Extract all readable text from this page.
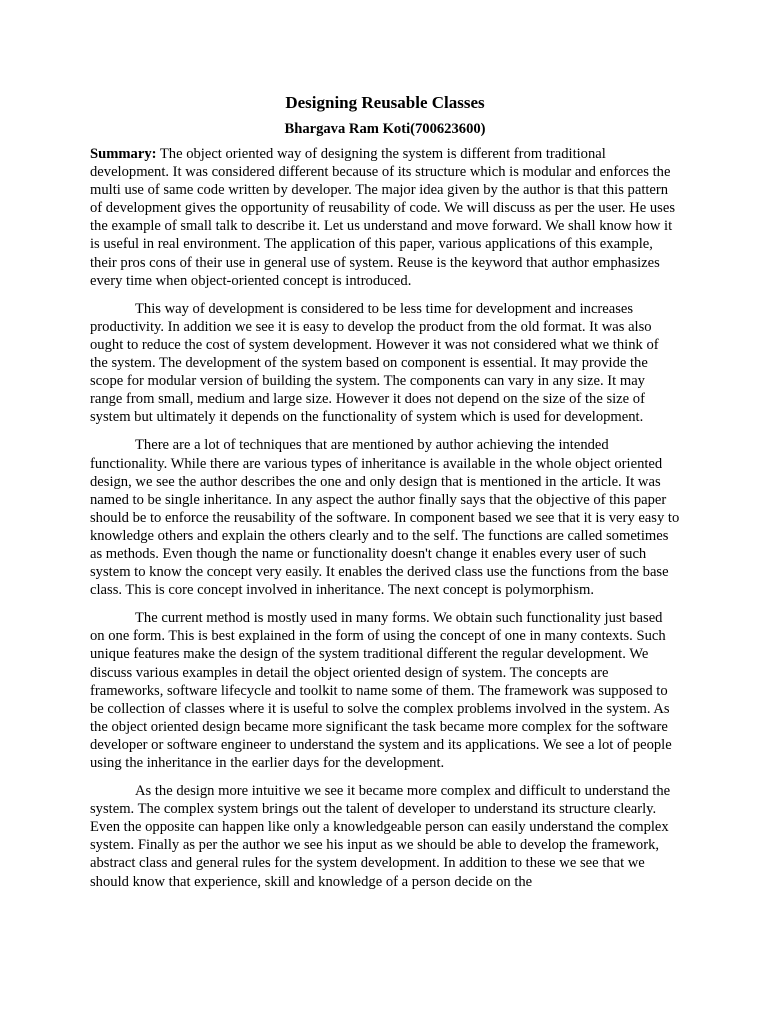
Designing Reusable Classes
Bhargava Ram Koti(700623600)

Summary: The object oriented way of designing the system is different from traditional development. It was considered different because of its structure which is modular and enforces the multi use of same code written by developer. The major idea given by the author is that this pattern of development gives the opportunity of reusability of code. We will discuss as per the user. He uses the example of small talk to describe it. Let us understand and move forward. We shall know how it is useful in real environment. The application of this paper, various applications of this example, their pros cons of their use in general use of system. Reuse is the keyword that author emphasizes every time when object-oriented concept is introduced.

This way of development is considered to be less time for development and increases productivity. In addition we see it is easy to develop the product from the old format. It was also ought to reduce the cost of system development. However it was not considered what we think of the system. The development of the system based on component is essential. It may provide the scope for modular version of building the system. The components can vary in any size. It may range from small, medium and large size. However it does not depend on the size of the size of system but ultimately it depends on the functionality of system which is used for development.

There are a lot of techniques that are mentioned by author achieving the intended functionality. While there are various types of inheritance is available in the whole object oriented design, we see the author describes the one and only design that is mentioned in the article. It was named to be single inheritance. In any aspect the author finally says that the objective of this paper should be to enforce the reusability of the software. In component based we see that it is very easy to knowledge others and explain the others clearly and to the self. The functions are called sometimes as methods. Even though the name or functionality doesn't change it enables every user of such system to know the concept very easily. It enables the derived class use the functions from the base class. This is core concept involved in inheritance. The next concept is polymorphism.

The current method is mostly used in many forms. We obtain such functionality just based on one form. This is best explained in the form of using the concept of one in many contexts. Such unique features make the design of the system traditional different the regular development. We discuss various examples in detail the object oriented design of system. The concepts are frameworks, software lifecycle and toolkit to name some of them. The framework was supposed to be collection of classes where it is useful to solve the complex problems involved in the system. As the object oriented design became more significant the task became more complex for the software developer or software engineer to understand the system and its applications. We see a lot of people using the inheritance in the earlier days for the development.

As the design more intuitive we see it became more complex and difficult to understand the system. The complex system brings out the talent of developer to understand its structure clearly. Even the opposite can happen like only a knowledgeable person can easily understand the complex system. Finally as per the author we see his input as we should be able to develop the framework, abstract class and general rules for the system development. In addition to these we see that we should know that experience, skill and knowledge of a person decide on the
